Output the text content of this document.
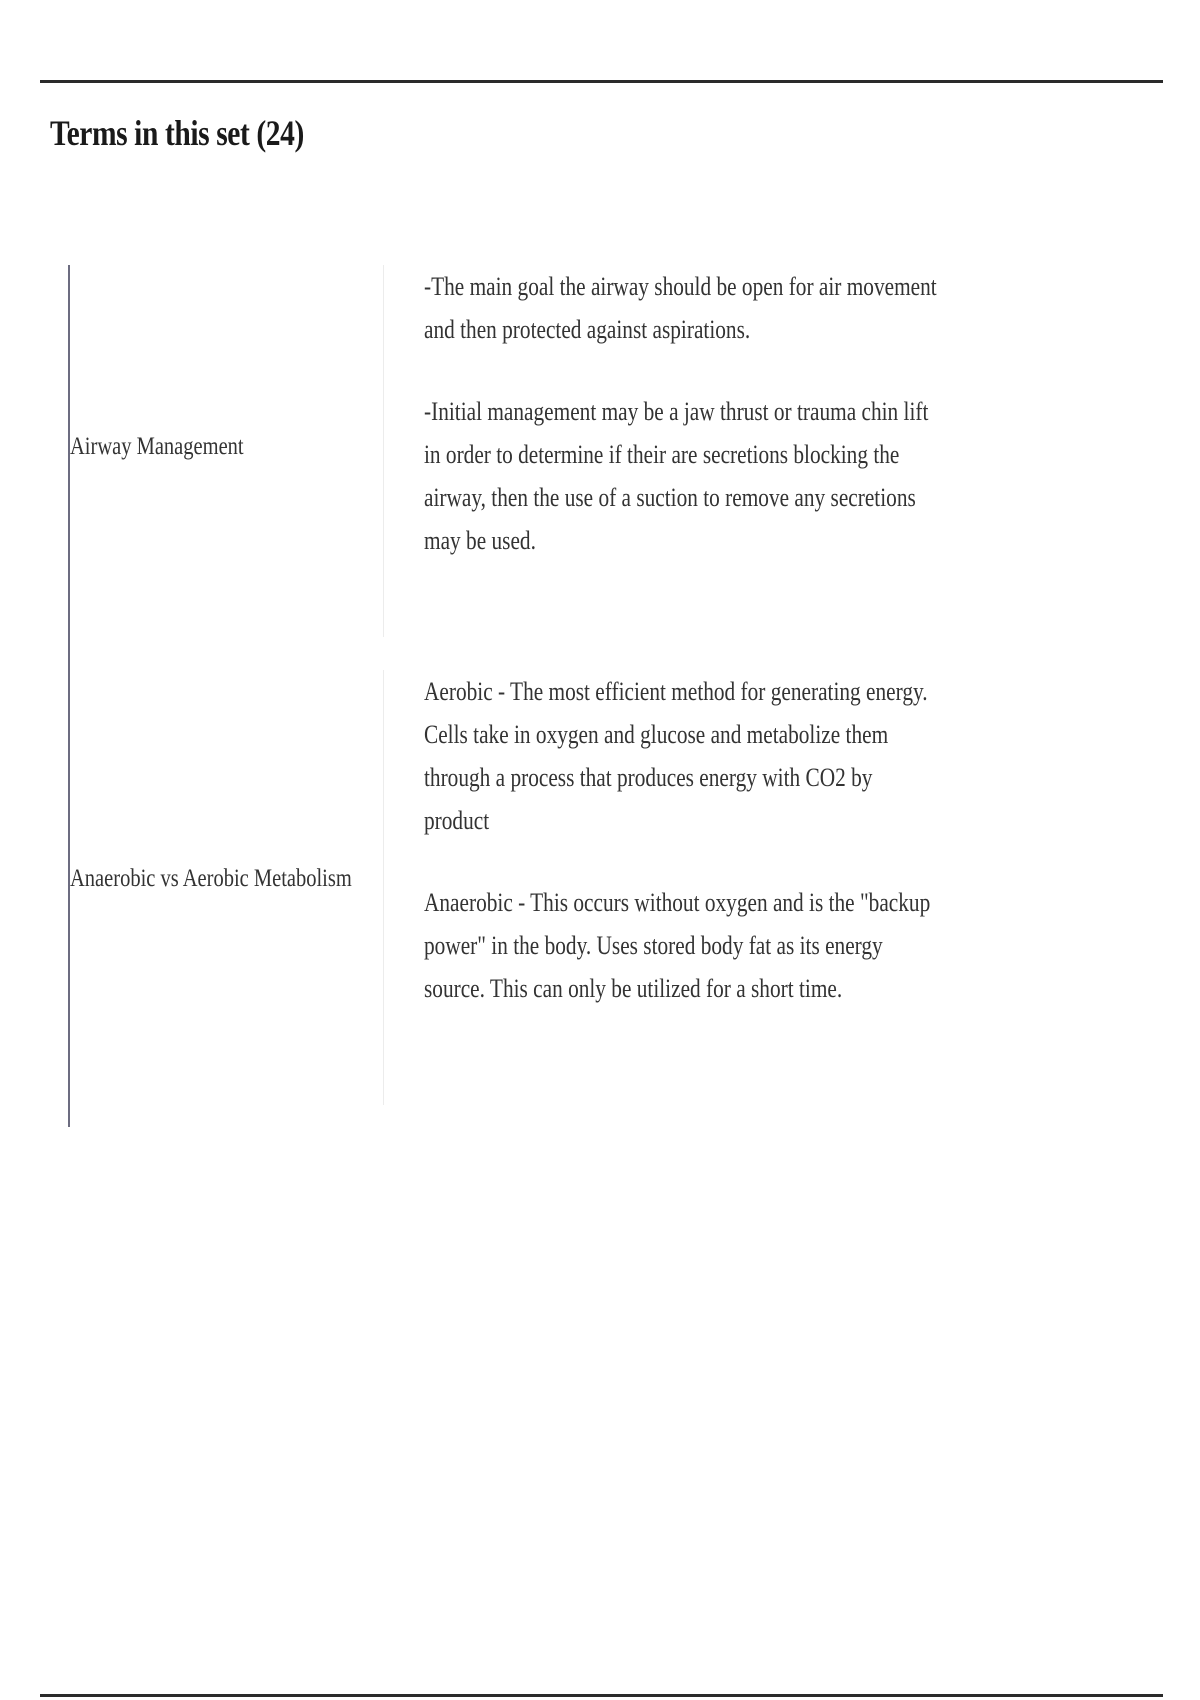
Terms in this set (24)
Airway Management

-The main goal the airway should be open for air movement and then protected against aspirations.

-Initial management may be a jaw thrust or trauma chin lift in order to determine if their are secretions blocking the airway, then the use of a suction to remove any secretions may be used.

Anaerobic vs Aerobic Metabolism

Aerobic - The most efficient method for generating energy. Cells take in oxygen and glucose and metabolize them through a process that produces energy with CO2 by product

Anaerobic - This occurs without oxygen and is the "backup power" in the body. Uses stored body fat as its energy source. This can only be utilized for a short time.
